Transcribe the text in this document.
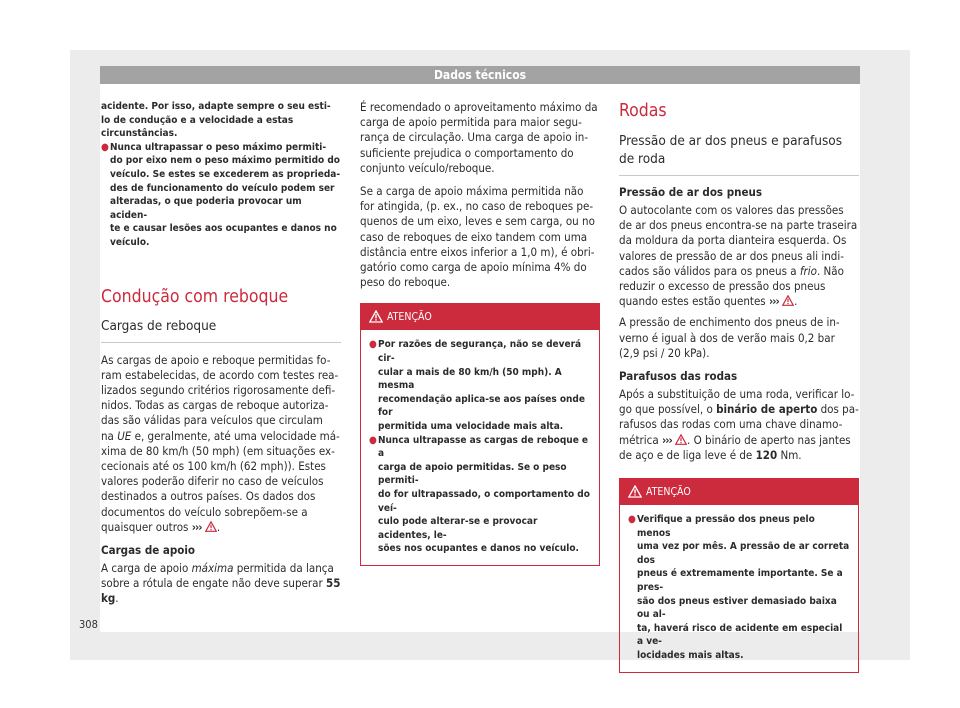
Dados técnicos

acidente. Por isso, adapte sempre o seu esti-

lo de condução e a velocidade a estas

circunstâncias.

● Nunca ultrapassar o peso máximo permiti-
do por eixo nem o peso máximo permitido do
veículo. Se estes se excederem as proprieda-
des de funcionamento do veículo podem ser
alteradas, o que poderia provocar um aciden-
te e causar lesões aos ocupantes e danos no
veículo.
Condução com reboque
Cargas de reboque

As cargas de apoio e reboque permitidas fo-

ram estabelecidas, de acordo com testes rea-

lizados segundo critérios rigorosamente defi-

nidos. Todas as cargas de reboque autoriza-

das são válidas para veículos que circulam

na UE e, geralmente, até uma velocidade má-

xima de 80 km/h (50 mph) (em situações ex-

cecionais até os 100 km/h (62 mph)). Estes

valores poderão diferir no caso de veículos

destinados a outros países. Os dados dos

documentos do veículo sobrepõem-se a

quaisquer outros ››› .

Cargas de apoio

A carga de apoio máxima permitida da lança

sobre a rótula de engate não deve superar 55

kg.

É recomendado o aproveitamento máximo da

carga de apoio permitida para maior segu-

rança de circulação. Uma carga de apoio in-

suficiente prejudica o comportamento do

conjunto veículo/reboque.

Se a carga de apoio máxima permitida não

for atingida, (p. ex., no caso de reboques pe-

quenos de um eixo, leves e sem carga, ou no

caso de reboques de eixo tandem com uma

distância entre eixos inferior a 1,0 m), é obri-

gatório como carga de apoio mínima 4% do

peso do reboque.

ATENÇÃO
● Por razões de segurança, não se deverá cir-
cular a mais de 80 km/h (50 mph). A mesma
recomendação aplica-se aos países onde for
permitida uma velocidade mais alta.
● Nunca ultrapasse as cargas de reboque e a
carga de apoio permitidas. Se o peso permiti-
do for ultrapassado, o comportamento do veí-
culo pode alterar-se e provocar acidentes, le-
sões nos ocupantes e danos no veículo.
Rodas
Pressão de ar dos pneus e parafusos
de roda

Pressão de ar dos pneus

O autocolante com os valores das pressões

de ar dos pneus encontra-se na parte traseira

da moldura da porta dianteira esquerda. Os

valores de pressão de ar dos pneus ali indi-

cados são válidos para os pneus a frio. Não

reduzir o excesso de pressão dos pneus

quando estes estão quentes ››› .

A pressão de enchimento dos pneus de in-

verno é igual à dos de verão mais 0,2 bar

(2,9 psi / 20 kPa).

Parafusos das rodas

Após a substituição de uma roda, verificar lo-

go que possível, o binário de aperto dos pa-

rafusos das rodas com uma chave dinamo-

métrica ››› . O binário de aperto nas jantes

de aço e de liga leve é de 120 Nm.

ATENÇÃO
● Verifique a pressão dos pneus pelo menos
uma vez por mês. A pressão de ar correta dos
pneus é extremamente importante. Se a pres-
são dos pneus estiver demasiado baixa ou al-
ta, haverá risco de acidente em especial a ve-
locidades mais altas.
308
